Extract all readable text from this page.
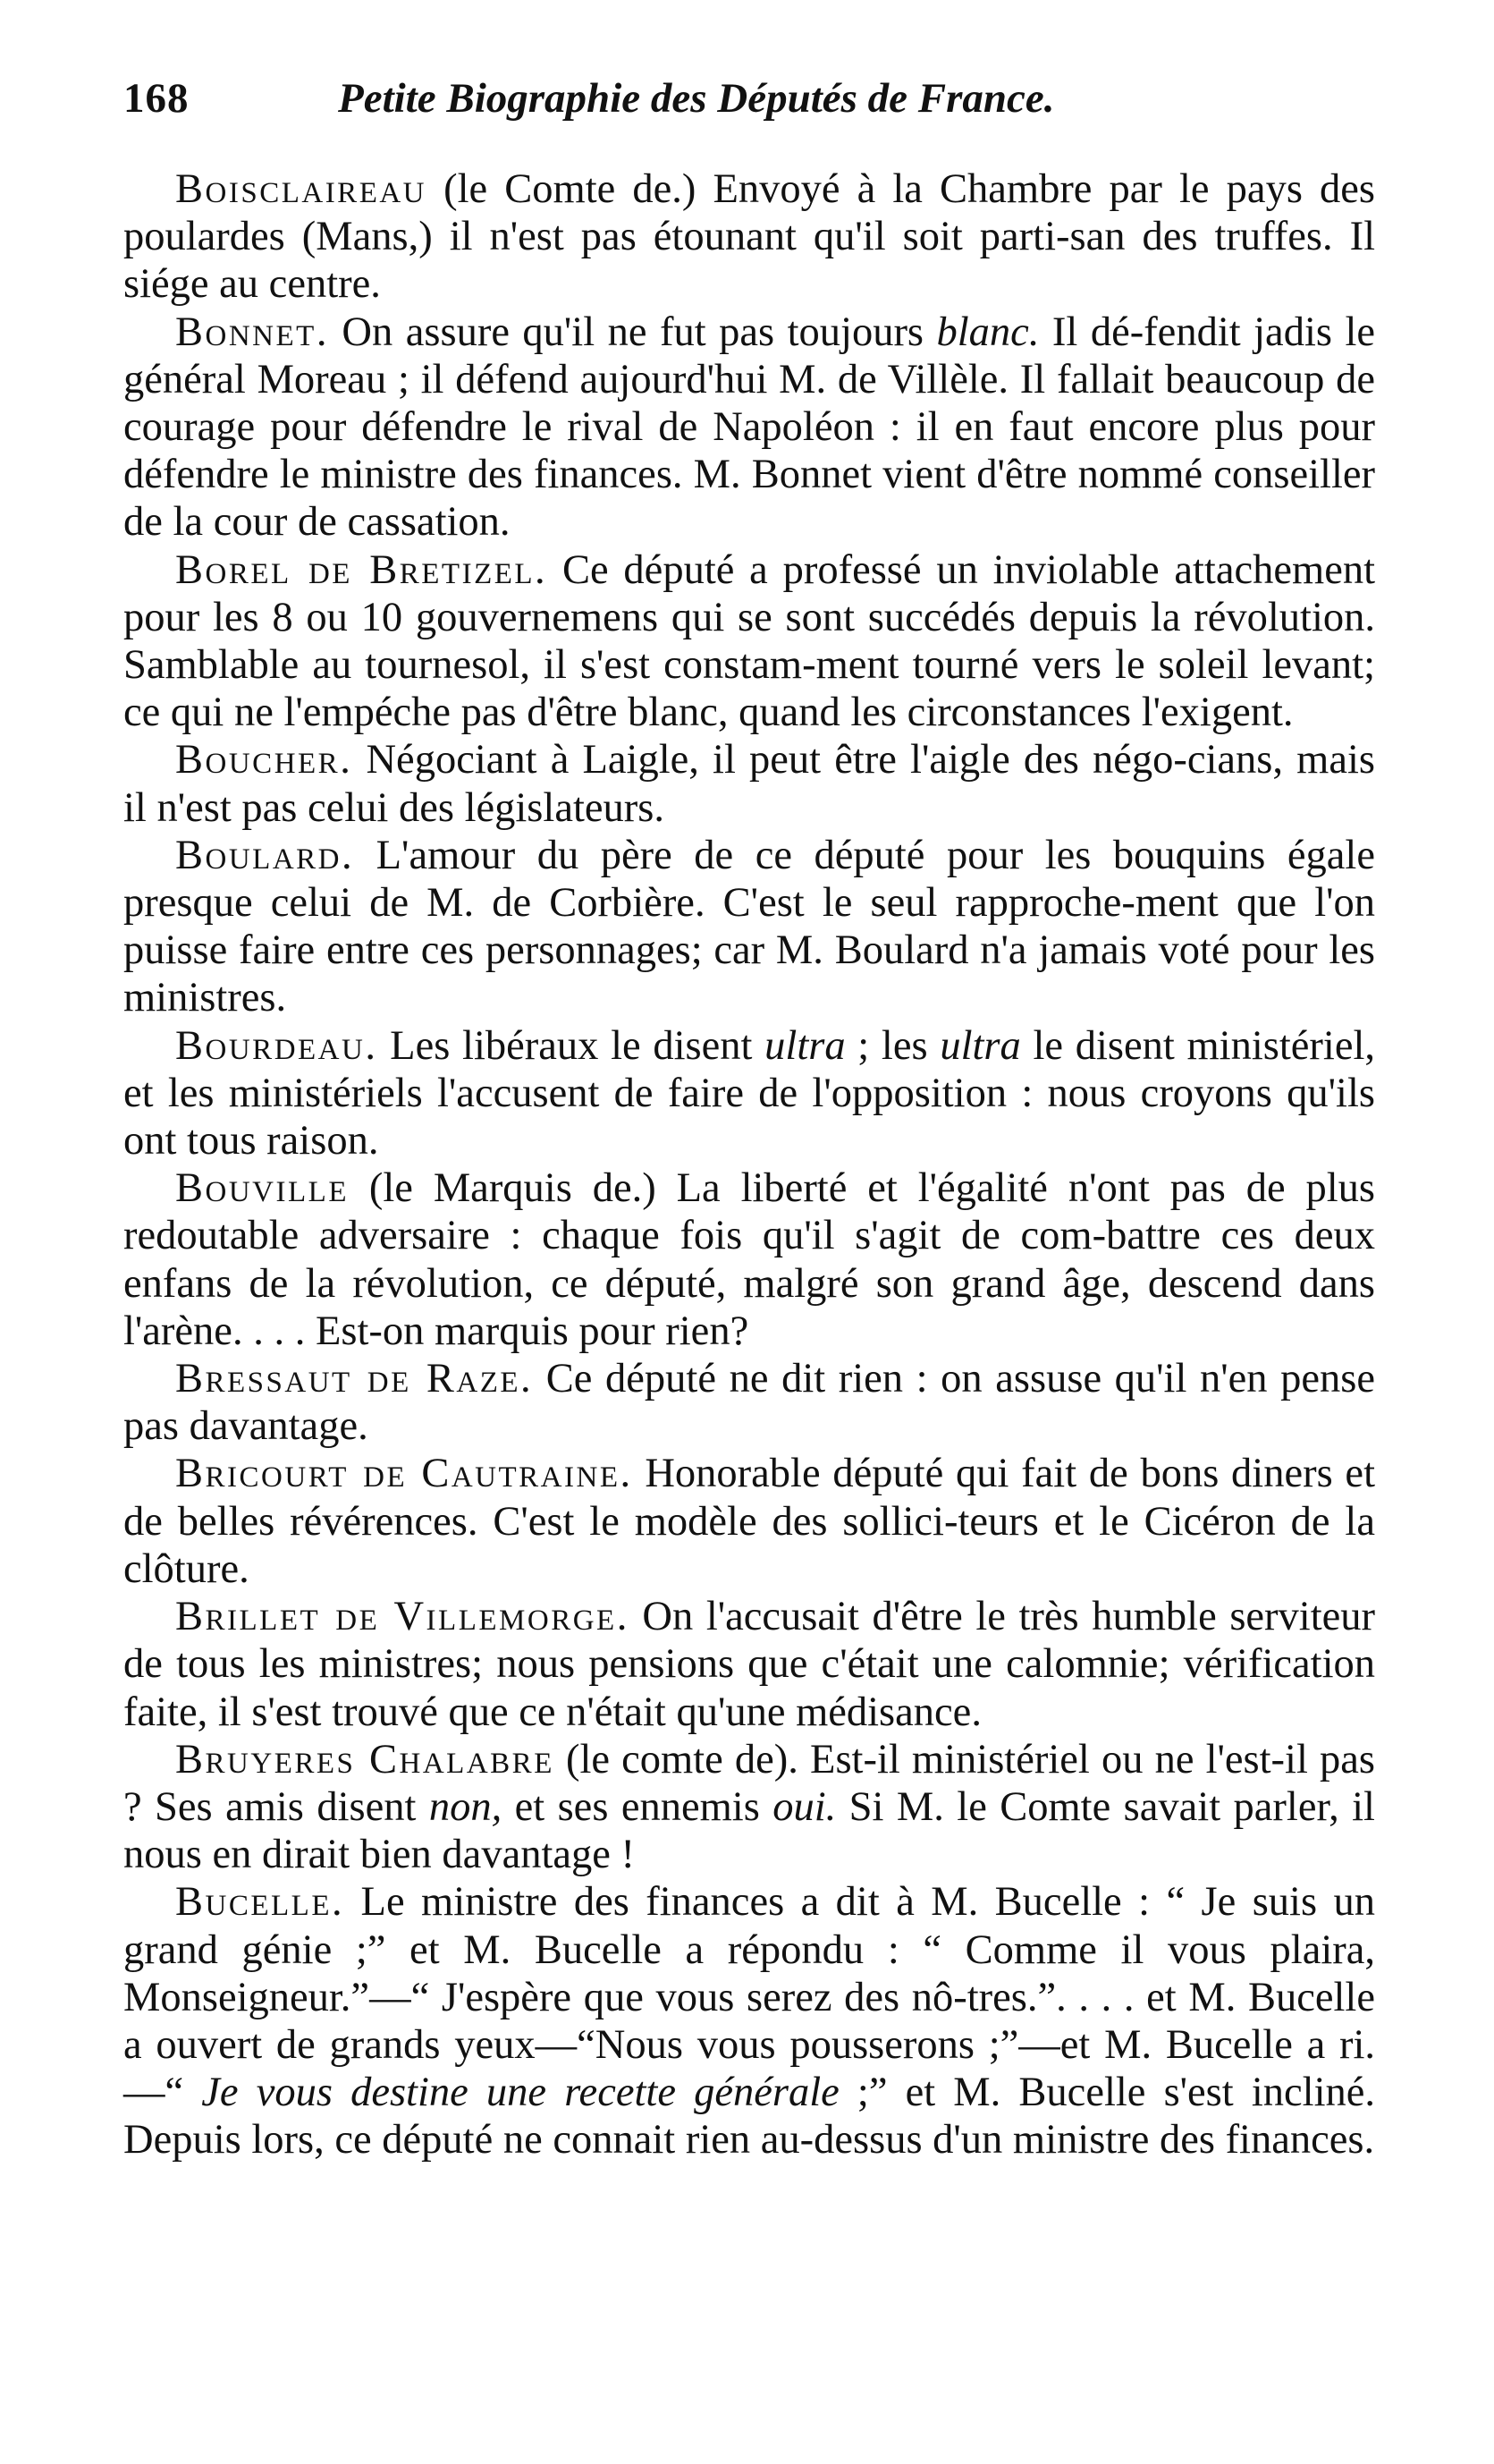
168	Petite Biographie des Députés de France.

Boisclaireau (le Comte de.) Envoyé à la Chambre par le pays des poulardes (Mans,) il n'est pas étounant qu'il soit parti-san des truffes. Il siége au centre.

Bonnet. On assure qu'il ne fut pas toujours blanc. Il dé-fendit jadis le général Moreau ; il défend aujourd'hui M. de Villèle. Il fallait beaucoup de courage pour défendre le rival de Napoléon : il en faut encore plus pour défendre le ministre des finances. M. Bonnet vient d'être nommé conseiller de la cour de cassation.

Borel de Bretizel. Ce député a professé un inviolable attachement pour les 8 ou 10 gouvernemens qui se sont succédés depuis la révolution. Samblable au tournesol, il s'est constam-ment tourné vers le soleil levant; ce qui ne l'empéche pas d'être blanc, quand les circonstances l'exigent.

Boucher. Négociant à Laigle, il peut être l'aigle des négo-cians, mais il n'est pas celui des législateurs.

Boulard. L'amour du père de ce député pour les bouquins égale presque celui de M. de Corbière. C'est le seul rapproche-ment que l'on puisse faire entre ces personnages; car M. Boulard n'a jamais voté pour les ministres.

Bourdeau. Les libéraux le disent ultra ; les ultra le disent ministériel, et les ministériels l'accusent de faire de l'opposition : nous croyons qu'ils ont tous raison.

Bouville (le Marquis de.) La liberté et l'égalité n'ont pas de plus redoutable adversaire : chaque fois qu'il s'agit de com-battre ces deux enfans de la révolution, ce député, malgré son grand âge, descend dans l'arène. . . . Est-on marquis pour rien?

Bressaut de Raze. Ce député ne dit rien : on assuse qu'il n'en pense pas davantage.

Bricourt de Cautraine. Honorable député qui fait de bons diners et de belles révérences. C'est le modèle des sollici-teurs et le Cicéron de la clôture.

Brillet de Villemorge. On l'accusait d'être le très humble serviteur de tous les ministres; nous pensions que c'était une calomnie; vérification faite, il s'est trouvé que ce n'était qu'une médisance.

Bruyeres Chalabre (le comte de). Est-il ministériel ou ne l'est-il pas ? Ses amis disent non, et ses ennemis oui. Si M. le Comte savait parler, il nous en dirait bien davantage !

Bucelle. Le ministre des finances a dit à M. Bucelle : “ Je suis un grand génie ;” et M. Bucelle a répondu : “ Comme il vous plaira, Monseigneur.”—“ J'espère que vous serez des nô-tres.”. . . . et M. Bucelle a ouvert de grands yeux—“Nous vous pousserons ;”—et M. Bucelle a ri.—“ Je vous destine une recette générale ;” et M. Bucelle s'est incliné. Depuis lors, ce député ne connait rien au-dessus d'un ministre des finances.
